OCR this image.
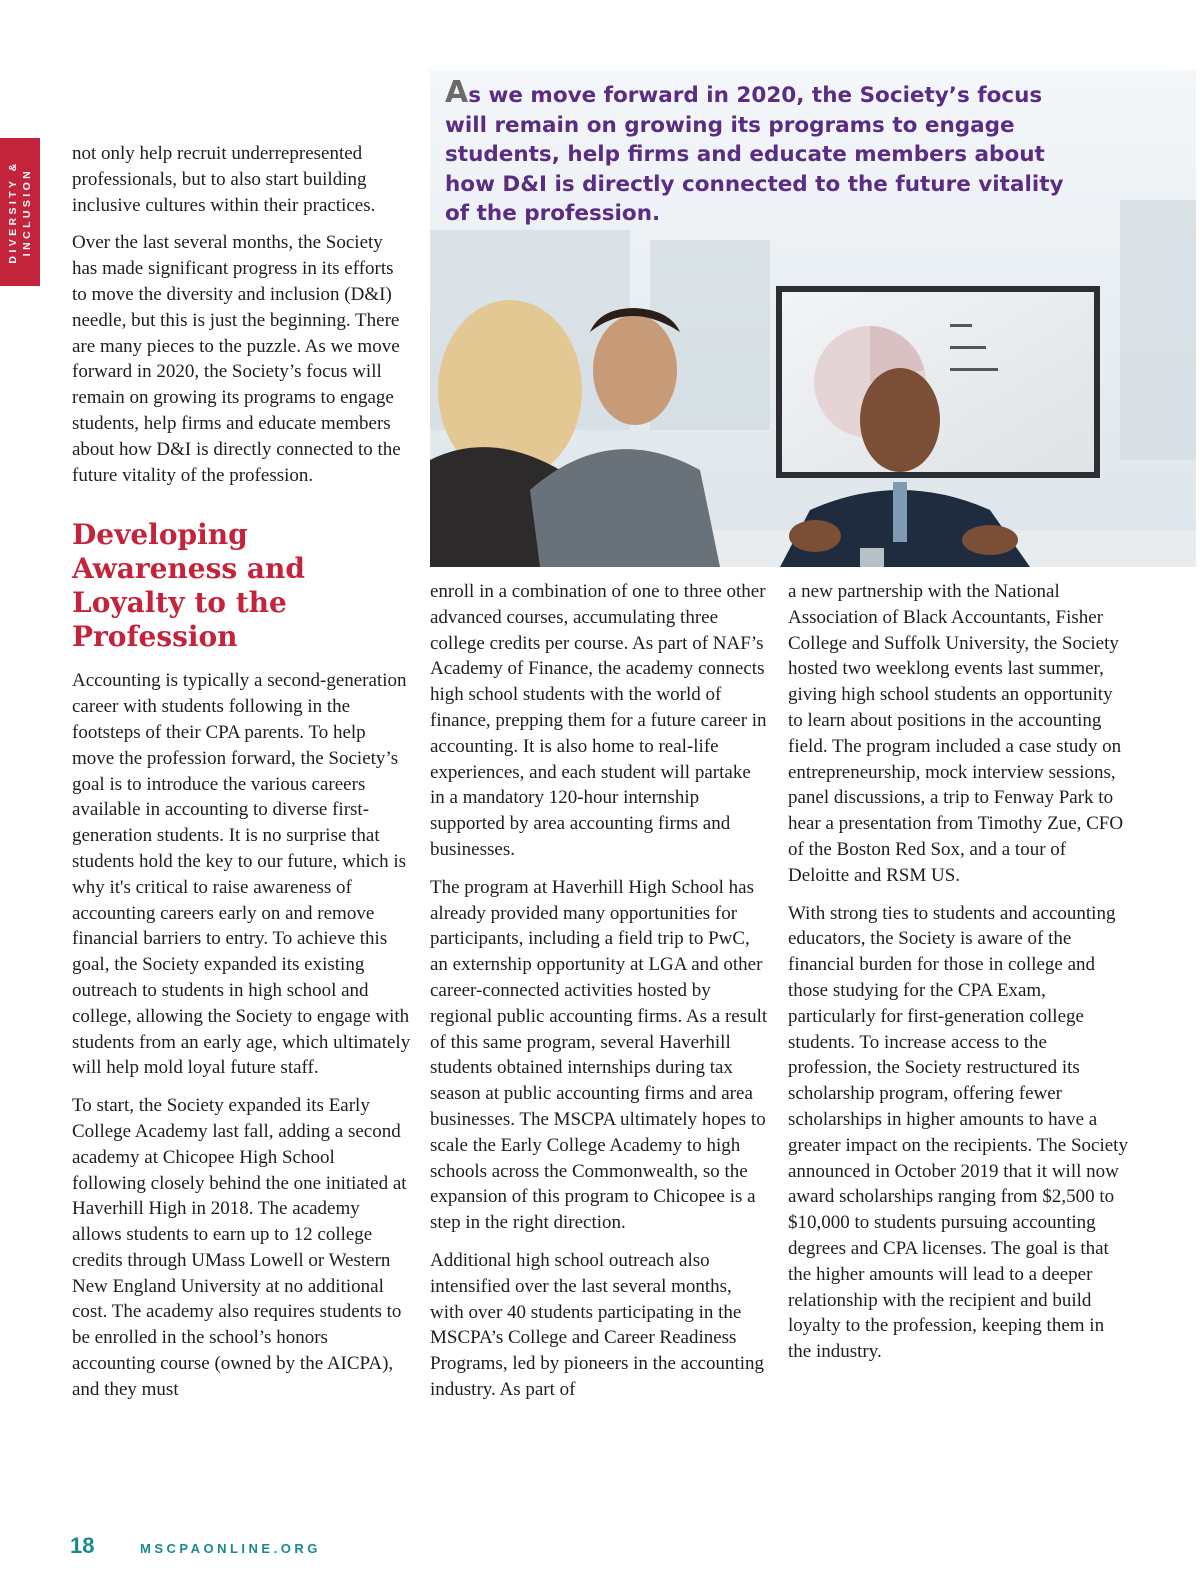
DIVERSITY & INCLUSION

As we move forward in 2020, the Society’s focus will remain on growing its programs to engage students, help firms and educate members about how D&I is directly connected to the future vitality of the profession.

not only help recruit underrepresented professionals, but to also start building inclusive cultures within their practices.

Over the last several months, the Society has made significant progress in its efforts to move the diversity and inclusion (D&I) needle, but this is just the beginning. There are many pieces to the puzzle. As we move forward in 2020, the Society’s focus will remain on growing its programs to engage students, help firms and educate members about how D&I is directly connected to the future vitality of the profession.

Developing Awareness and Loyalty to the Profession

Accounting is typically a second-generation career with students following in the footsteps of their CPA parents. To help move the profession forward, the Society’s goal is to introduce the various careers available in accounting to diverse first-generation students. It is no surprise that students hold the key to our future, which is why it's critical to raise awareness of accounting careers early on and remove financial barriers to entry. To achieve this goal, the Society expanded its existing outreach to students in high school and college, allowing the Society to engage with students from an early age, which ultimately will help mold loyal future staff.

To start, the Society expanded its Early College Academy last fall, adding a second academy at Chicopee High School following closely behind the one initiated at Haverhill High in 2018. The academy allows students to earn up to 12 college credits through UMass Lowell or Western New England University at no additional cost. The academy also requires students to be enrolled in the school’s honors accounting course (owned by the AICPA), and they must

enroll in a combination of one to three other advanced courses, accumulating three college credits per course. As part of NAF’s Academy of Finance, the academy connects high school students with the world of finance, prepping them for a future career in accounting. It is also home to real-life experiences, and each student will partake in a mandatory 120-hour internship supported by area accounting firms and businesses.

The program at Haverhill High School has already provided many opportunities for participants, including a field trip to PwC, an externship opportunity at LGA and other career-connected activities hosted by regional public accounting firms. As a result of this same program, several Haverhill students obtained internships during tax season at public accounting firms and area businesses. The MSCPA ultimately hopes to scale the Early College Academy to high schools across the Commonwealth, so the expansion of this program to Chicopee is a step in the right direction.

Additional high school outreach also intensified over the last several months, with over 40 students participating in the MSCPA’s College and Career Readiness Programs, led by pioneers in the accounting industry. As part of

a new partnership with the National Association of Black Accountants, Fisher College and Suffolk University, the Society hosted two weeklong events last summer, giving high school students an opportunity to learn about positions in the accounting field. The program included a case study on entrepreneurship, mock interview sessions, panel discussions, a trip to Fenway Park to hear a presentation from Timothy Zue, CFO of the Boston Red Sox, and a tour of Deloitte and RSM US.

With strong ties to students and accounting educators, the Society is aware of the financial burden for those in college and those studying for the CPA Exam, particularly for first-generation college students. To increase access to the profession, the Society restructured its scholarship program, offering fewer scholarships in higher amounts to have a greater impact on the recipients. The Society announced in October 2019 that it will now award scholarships ranging from $2,500 to $10,000 to students pursuing accounting degrees and CPA licenses. The goal is that the higher amounts will lead to a deeper relationship with the recipient and build loyalty to the profession, keeping them in the industry.

18	MSCPAONLINE.ORG
